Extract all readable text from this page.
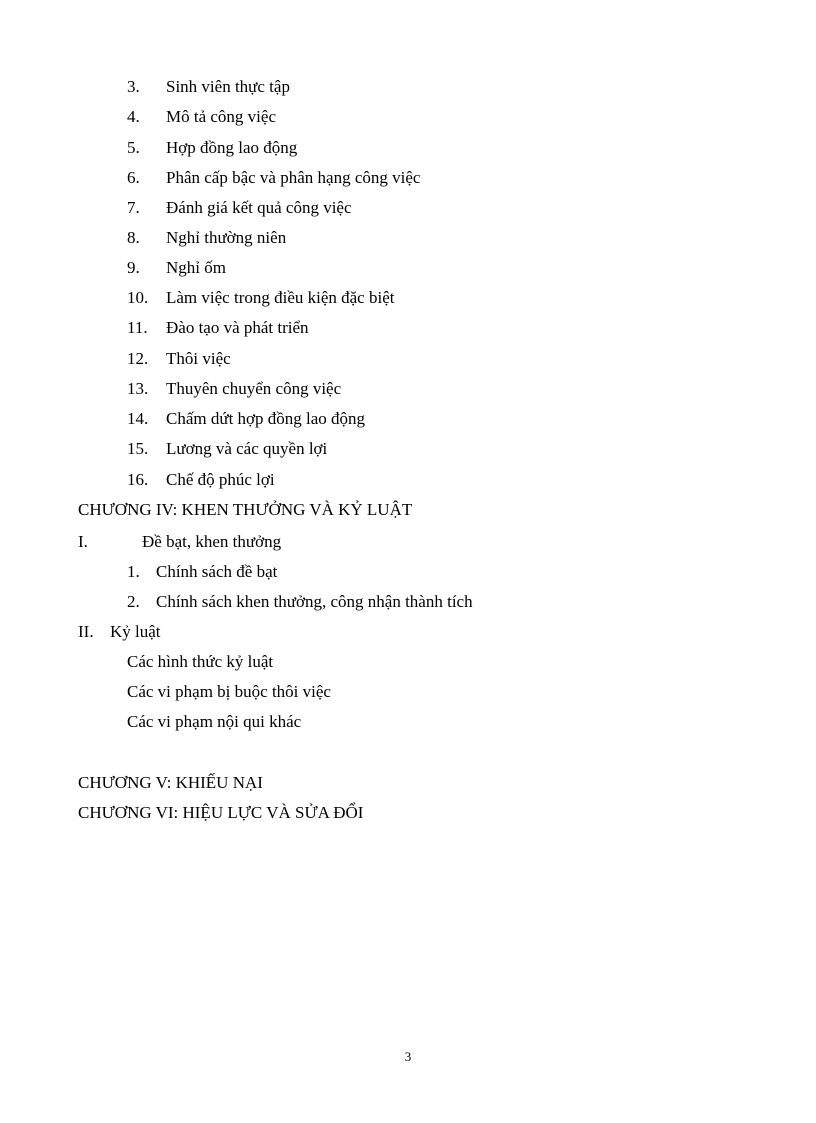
3. Sinh viên thực tập
4. Mô tả công việc
5. Hợp đồng lao động
6. Phân cấp bậc và phân hạng công việc
7. Đánh giá kết quả công việc
8. Nghỉ thường niên
9. Nghỉ ốm
10. Làm việc trong điều kiện đặc biệt
11. Đào tạo và phát triển
12. Thôi việc
13. Thuyên chuyển công việc
14. Chấm dứt hợp đồng lao động
15. Lương và các quyền lợi
16. Chế độ phúc lợi
CHƯƠNG IV: KHEN THƯỞNG VÀ KỶ LUẬT
I.	Đề bạt, khen thưởng
1. Chính sách đề bạt
2. Chính sách khen thưởng, công nhận thành tích
II. Kỷ luật
Các hình thức kỷ luật
Các vi phạm bị buộc thôi việc
Các vi phạm nội qui khác
CHƯƠNG V: KHIẾU NẠI
CHƯƠNG VI: HIỆU LỰC VÀ SỬA ĐỔI
3
